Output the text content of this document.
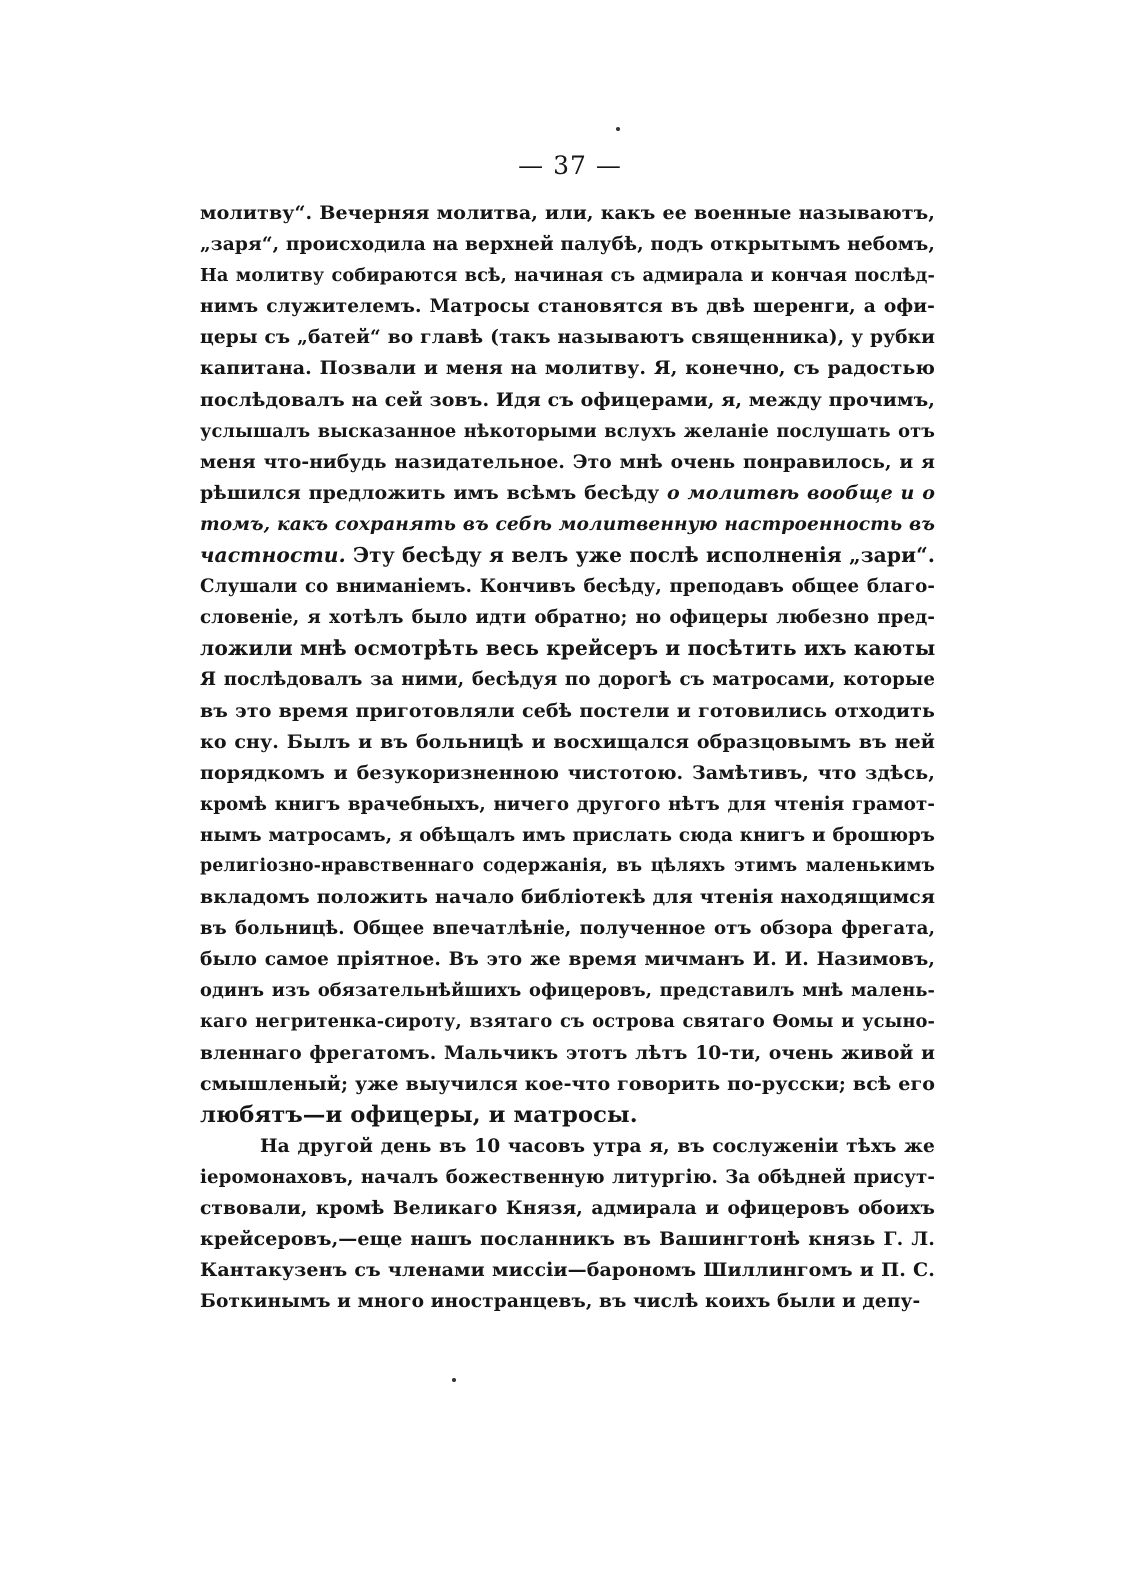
— 37 —
молитву“. Вечерняя молитва, или, какъ ее военные называютъ,
„заря“, происходила на верхней палубѣ, подъ открытымъ небомъ,
На молитву собираются всѣ, начиная съ адмирала и кончая послѣд-
нимъ служителемъ. Матросы становятся въ двѣ шеренги, а офи-
церы съ „батей“ во главѣ (такъ называютъ священника), у рубки
капитана. Позвали и меня на молитву. Я, конечно, съ радостью
послѣдовалъ на сей зовъ. Идя съ офицерами, я, между прочимъ,
услышалъ высказанное нѣкоторыми вслухъ желаніе послушать отъ
меня что-нибудь назидательное. Это мнѣ очень понравилось, и я
рѣшился предложить имъ всѣмъ бесѣду о молитвѣ вообще и о
томъ, какъ сохранять въ себѣ молитвенную настроенность въ
частности. Эту бесѣду я велъ уже послѣ исполненія „зари“.
Слушали со вниманіемъ. Кончивъ бесѣду, преподавъ общее благо-
словеніе, я хотѣлъ было идти обратно; но офицеры любезно пред-
ложили мнѣ осмотрѣть весь крейсеръ и посѣтить ихъ каюты
Я послѣдовалъ за ними, бесѣдуя по дорогѣ съ матросами, которые
въ это время приготовляли себѣ постели и готовились отходить
ко сну. Былъ и въ больницѣ и восхищался образцовымъ въ ней
порядкомъ и безукоризненною чистотою. Замѣтивъ, что здѣсь,
кромѣ книгъ врачебныхъ, ничего другого нѣтъ для чтенія грамот-
нымъ матросамъ, я обѣщалъ имъ прислать сюда книгъ и брошюръ
религіозно-нравственнаго содержанія, въ цѣляхъ этимъ маленькимъ
вкладомъ положить начало библіотекѣ для чтенія находящимся
въ больницѣ. Общее впечатлѣніе, полученное отъ обзора фрегата,
было самое пріятное. Въ это же время мичманъ И. И. Назимовъ,
одинъ изъ обязательнѣйшихъ офицеровъ, представилъ мнѣ малень-
каго негритенка-сироту, взятаго съ острова святаго Ѳомы и усыно-
вленнаго фрегатомъ. Мальчикъ этотъ лѣтъ 10-ти, очень живой и
смышленый; уже выучился кое-что говорить по-русски; всѣ его
любятъ—и офицеры, и матросы.
На другой день въ 10 часовъ утра я, въ сослуженіи тѣхъ же
іеромонаховъ, началъ божественную литургію. За обѣдней присут-
ствовали, кромѣ Великаго Князя, адмирала и офицеровъ обоихъ
крейсеровъ,—еще нашъ посланникъ въ Вашингтонѣ князь Г. Л.
Кантакузенъ съ членами миссіи—барономъ Шиллингомъ и П. С.
Боткинымъ и много иностранцевъ, въ числѣ коихъ были и депу-
